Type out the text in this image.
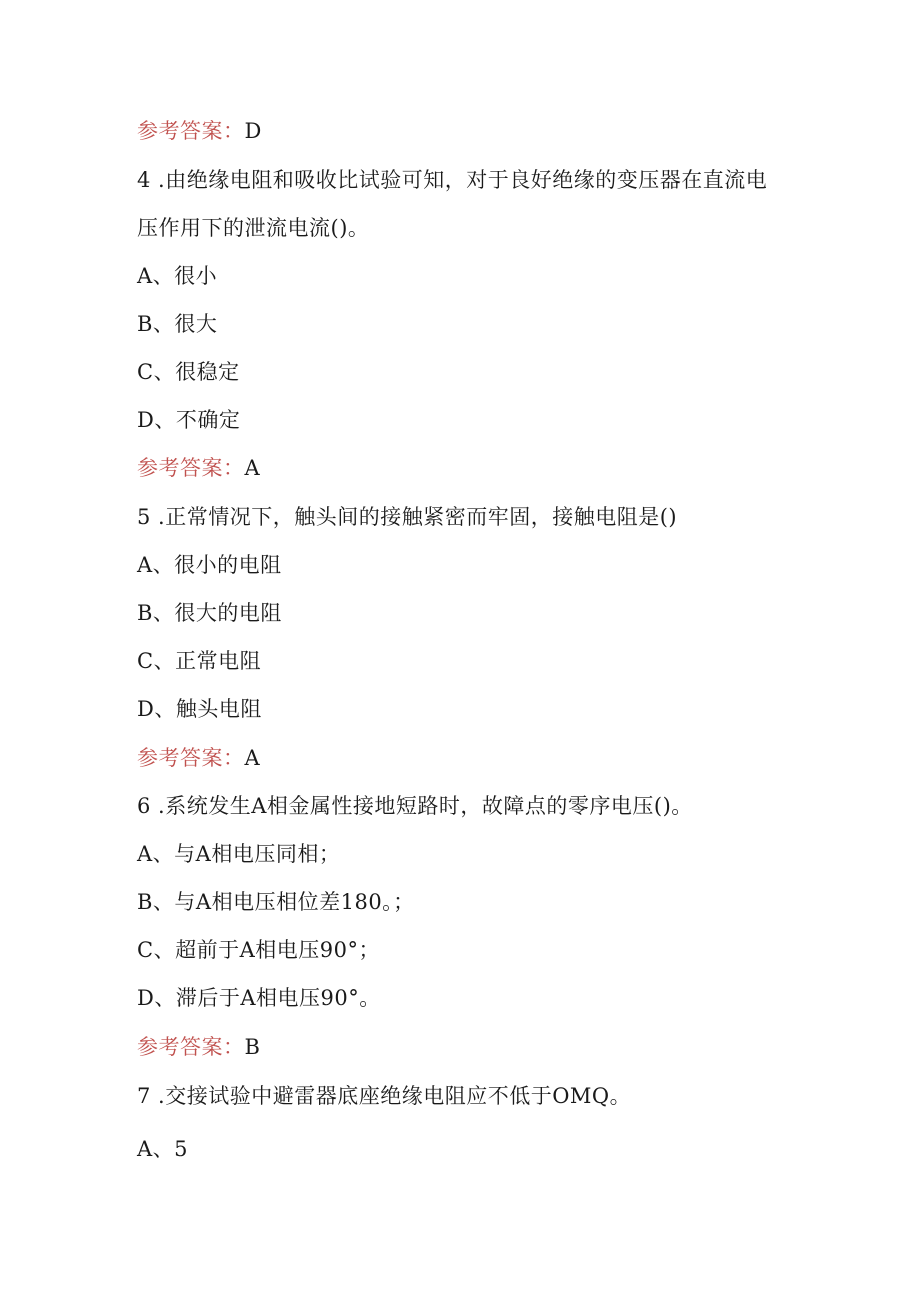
参考答案：D
4 .由绝缘电阻和吸收比试验可知，对于良好绝缘的变压器在直流电
压作用下的泄流电流()。
A、很小
B、很大
C、很稳定
D、不确定
参考答案：A
5 .正常情况下，触头间的接触紧密而牢固，接触电阻是()
A、很小的电阻
B、很大的电阻
C、正常电阻
D、触头电阻
参考答案：A
6 .系统发生A相金属性接地短路时，故障点的零序电压()。
A、与A相电压同相；
B、与A相电压相位差180。；
C、超前于A相电压90°；
D、滞后于A相电压90°。
参考答案：B
7 .交接试验中避雷器底座绝缘电阻应不低于OMQ。
A、5
